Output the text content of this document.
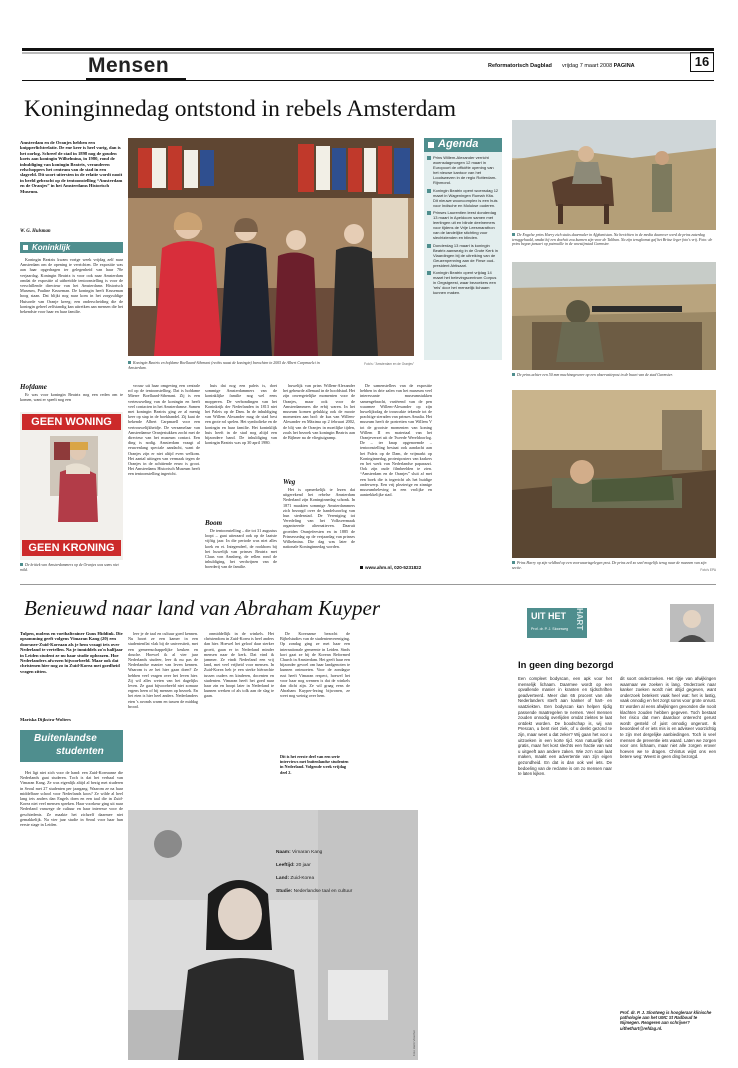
Mensen	Reformatorisch Dagblad vrijdag 7 maart 2008 PAGINA	16
Koninginnedag ontstond in rebels Amsterdam
Amsterdam en de Oranjes hebben een knipperlichtrelatie. De ene keer is heel vurig, dan is het oorlog. Schreef de stad in 1898 nog de gouden koets aan koningin Wilhelmina, in 1980, rond de inhuldiging van koningin Beatrix, veranderen relschoppers het centrum van de stad in een slagveld. Dit soort uitersten in de relatie wordt nooit in beeld gebracht op de tentoonstelling “Amsterdam en de Oranjes” in het Amsterdams Historisch Museum.
W. G. Hulsman
Koninklijk

Koningin Beatrix kwam vorige week vrijdag zelf naar Amsterdam om de opening te verrichten. De expositie was aan haar opgedragen ter gelegenheid van haar 70e verjaardag. Koningin Beatrix is voor ook naar Amsterdam omdat de expositie al uitbreidde tentoonstelling is voor de verschillende directeur van het Amsterdams Historisch Museum, Pauline Kruseman. De koningin heeft Kruseman hoog staan. Dat blijkt nog naar kom in het zorgvuldige Huisorde van Oranje kreeg; een onderscheiding die de koningin geheel zelfstandig kan uitreiken aan mensen die het bekendste voor haar en haar familie.

Hofdame

Er was voor koningin Beatrix nog een reden om te komen, want er speelt nog een

GEEN WONING
GEEN KRONING
De kritiek van Amsterdammers op de Oranjes was soms niet mild.
Koningin Beatrix en hofdame Boellaard-Sibenant (rechts naast de koningin) bezochten in 2005 de Albert Carpmaelci in Amsterdam.
Foto's: "Amsterdam en de Oranjes"
Agenda
Prins Willem-Alexander verricht woensdagmorgen 12 maart in Europoort de officiële opening van het nieuwe kantoor van het Loodswezen in de regio Rotterdam-Rijnmond.
Koningin Beatrix opent woensdag 12 maart in Wageningen Rumah Kita. Dit nieuwe wooncomplex is een huis voor Indische en Molukse ouderen.
Prinses Laurentien leest donderdag 13 maart in Apeldoorn samen met leerlingen uit en blinde deelnemers voor tijdens de Vrije Leesmarathon van de landelijke stichting voor slechtzienden en blinden.
Donderdag 13 maart is koningin Beatrix aanwezig in de Grote Kerk in Vlaardingen bij de uitreiking van de Geuzenpenning aan de Finse oud-president Ahtisaari.
Koningin Beatrix opent vrijdag 14 maart het belevingscentrum Corpus in Oegstgeest, waar bezoekers een 'reis' door het menselijk lichaam kunnen maken.

vrouw uit haar omgeving een centrale rol op de tentoonstelling. Dat is hofdame Mierre Boellaard-Sibenant. Zij is een verteuwseling van de koningin en heeft veel contacten in het Amsterdamse. Samen met koningin Beatrix ging ze al menig keer op stap in de boekhandel. Zij kaat de bekende Albert Carpmaell voor een vertrouwelijkheidje. De verzamelaar van Amsterdamse Oranjestukken zocht met de directeur van het museum contact. Een ding is nodig. Amsterdam vraagt al eeuwenlang speciale aandacht, want de Oranjes zijn er niet altijd even welkom. Het aantal uitingen van vermaak tegen de Oranjes in de achttiende eeuw is groot. Het Amsterdams Historisch Museum heeft een tentoonstelling ingericht.

huis dat nog een paleis is, doet sommige Amsterdammers van de koninklijke familie nog wel eens mopperen. De verbondingen van het Koninkrijk der Nederlanden in 1813 niet het Paleis op de Dam. In de inhuldiging van Willem Alexander mag de stad best een grote rol spelen. Het symbolieke en de koningin en haar familie. Het koninklijk huis heeft in de stad nog altijd een bijzondere band. De inhuldiging van koningin Beatrix was op 30 april 1980.

Boom

De tentoonstelling – die tot 31 augustus loopt – gaat uiteraard ook op de laatste vijftig jaar. In die periode was niet alles koek en ei. Integendeel, de rookbom bij het huwelijk van prinses Beatrix met Claus von Amsberg, de rellen rond de inhuldiging, het verdwijnen van de boerderij van de familie.

huwelijk van prins Willem-Alexander het gebeurde allemaal in de hoofdstad. Het zijn onvergetelijke momenten voor de Oranjes, maar ook voor de Amsterdammers die erbij waren. In het museum komen gelukkig ook de mooie momenten aan bod: de kus van Willem-Alexander en Máxima op 2 februari 2002, de blij van de Oranjes in moeilijke tijden, zoals het bezoek van koningin Beatrix aan de Bijlmer na de vliegtuigramp.

Weg

Het is opmerkelijk te lezen dat uitgerekend het rebelse Amsterdam Nederland zijn Koninginnedag schonk. In 1871 maakten sommige Amsterdammers zich bezorgd over de handelsoorlog van hun stedenstad. De Vereniging tot Veredeling van het Volksvermaak organiseerde alternatieven. Daaruit groeiden Oranjefeesten en in 1885 de Prinsessedag op de verjaardag van prinses Wilhelmina. Die dag was later de nationale Koninginnedag worden.

De samenstellers van de expositie hebben in drie zalen van het museum veel interessante museumstukken samengebracht, variërend van de pen waarmee Willem-Alexander op zijn huwelijksdag de trouwakte tekende tot de prachtige sieraden van prinses Amalia. Het museum heeft de portretten van Willem V tot de grootste momenten van koning Willem II en materiaal van het Oranjeverzet uit de Tweede Wereldoorlog. De – ter knap opgenoemde – tentoonstelling bestaat ook aandacht aan het Paleis op de Dam, de vrijmarkt op Koninginnedag, protestposters van krakers en het werk van Nederlandse paparazzi. Ook zijn oude filmbeelden te zien. “Amsterdam en de Oranjes” sluit af met een boek die is ingericht als het huidige onderwerp. Een vrij plezierige en zinnige museumbeleving in een vrolijke en aantrekkelijke stad.

www.ahm.nl, 020-5231822
De Engelse prins Harry zich stuits daarmaler in Afghanistan. Na berichten in de media daarover werd de prins zaterdag teruggehaald, omdat hij een doelwit zou kunnen zijn voor de Taliban. Na zijn terugkomst gaf het Britse leger foto's vrij. Foto: de prins begon januari op patrouille in de woestijnstad Garmsier.
De prins achter een 50 mm machinegeweer op een observatiepost in de buurt van de stad Garmsier.
Prins Harry op zijn veldbed op een voorwaartsgelegen post. De prins zeil zo snel mogelijk terug naar de mannen van zijn sectie.
Foto's EPA
Benieuwd naar land van Abraham Kuyper
Tulpen, molens en voetbaltrainer Guus Hiddink. Die opsomming geeft volgens Vimaran Kang (20) een doorsnee-Zuid-Koreaan als je hem vraagt iets over Nederland te vertellen. Na je inmiddels zo'n halfjaar in Leiden student ze nu haar studie ophrazen. Hoe Nederlanders afwezen bijvoorbeeld. Maar ook dat christenen hier nog zo in Zuid-Korea met goedheid vragen zitten.
Mariska Dijkstra-Wolters
Buitenlandse
studenten

Het ligt niet zich voor de hand: een Zuid-Koreaanse die Nederlands gaat studeren. Toch is dat het verhaal van Vimaran Kang. Ze was eigenlijk altijd al bezig met studeren in Seoul met 27 studenten per jaargang. Waarom ze na haar middelbare school voor Nederlands koos? Ze wilde al heel lang iets anders dan Engels doen en een taal die in Zuid-Korea niet veel mensen spreken. Haar voorkeur ging uit naar Nederland vanwege de cultuur en haar interesse voor de geschiedenis. Ze maakte het zichzelf daarmee niet gemakkelijk. Na vier jaar studie in Seoul voor haar hun eerste stage in Leiden.

leer je de taal en cultuur goed kennen. Nu hoort ze een kamer in een studentenflat vlak bij de universiteit, met een gemeenschappelijke keuken en douche. Hoewel ik al vier jaar Nederlands studeer, leer ik nu pas de Nederlandse manier van leven kennen. Waarom is ze het hier gaan doen? Ze hebben veel vragen over het leven hier. Zij wil alles weten van het dagelijks leven. Ze gaat bijvoorbeeld niet zomaar ergens heen of bij mensen op bezoek. En het eten is hier heel anders. Nederlanders eten 's avonds warm en tussen de middag brood.

onmiddellijk in de winkels. Het christendom in Zuid-Korea is heel anders dan hier. Hoewel het geloof daar sterker groeit, gaan er in Nederland minder mensen naar de kerk. Dat vind ik jammer. Ze vindt Nederland een vrij land, met veel vrijheid voor mensen. In Zuid-Korea heb je een sterke hiërarchie tussen ouders en kinderen, docenten en studenten. Vimaran heeft het goed naar haar zin en hoopt later in Nederland te kunnen werken of als tolk aan de slag te gaan.

De Koreaanse bezocht de Bijbelstudies van de studentenvereniging. Op zondag ging ze met haar een internationale gemeente in Leiden. Sinds kort gaat ze bij de Korean Reformed Church in Amsterdam. Het geeft haar een bijzonder gevoel om haar landgenoten te kunnen ontmoeten. Voor de zondagse rust heeft Vimaran respect, hoewel het voor haar nog wennen is dat de winkels dan dicht zijn. Ze wil graag eens de Abraham Kuyper-lezing bijwonen, ze weet nog weinig over hem.

Dit is het eerste deel van een serie interviews met buitenlandse studenten in Nederland. Volgende week vrijdag deel 2.
Naam: Vimaran Kang
Leeftijd: 20 jaar
Land: Zuid-Korea
Studie: Nederlandse taal en cultuur
Foto Henk Visscher
UIT HET HART
Prof. dr. P. J. Sloonweg
In geen ding bezorgd

Een compleet bodyscan, een apk voor het menselijk lichaam. Daarmee wordt op een opvallende manier in kranten en tijdschriften geadverteerd. Meer dan 65 procent van alle Nederlanders sterft aan kanker of hart- en vaatziekten. Een bodyscan kan helpen tijdig passende maatregelen te nemen. Veel mensen zouden onnodig overlijden omdat ziektes te laat ontdekt worden. De boodschap is, wij van Prescan, u bent niet ziek, of u denkt gezond te zijn, maar weet u dat zeker? Wij gaan het voor u uitzoeken in een korte tijd. Kan natuurlijk niet gratis, maar het kost slechts een fractie van wat u uitgeeft aan andere zaken. Wie zo'n scan laat maken, maakt een advertentie van zijn eigen gezondheid. En dat is dan ook wel iets. De bedoeling van de reclame is om zo mensen naar te laten kijken.

dit soort onderzoeken. Het rijtje van afwijkingen waarnaar we zoeken is lang. Onderzoek naar kanker zoeken wordt niet altijd gegeven, want onderzoek betekent vaak heel wat: het is lastig, vaak onnodig en het zorgt soms voor grote onrust. Er worden al eens afwijkingen gevonden die nooit klachten zouden hebben gegeven. Toch bestaat het risico dat men daardoor onterecht gerust wordt gesteld of juist onnodig ongerust. Ik beoordeel of er iets mis is en adviseer voorzichtig te zijn met dergelijke aanbiedingen. Toch is veel mensen de preventie iets waard. Laten we zorgen voor ons lichaam, maar niet alle zorgen erover hoeven we te dragen. Christus wijst ons een betere weg: Weest in geen ding bezorgd.

Prof. dr. P. J. Slootweg is hoogleraar klinische pathologie aan het UMC St Radboud te Nijmegen. Reageren aan schrijver? uithethart@refdag.nl.
